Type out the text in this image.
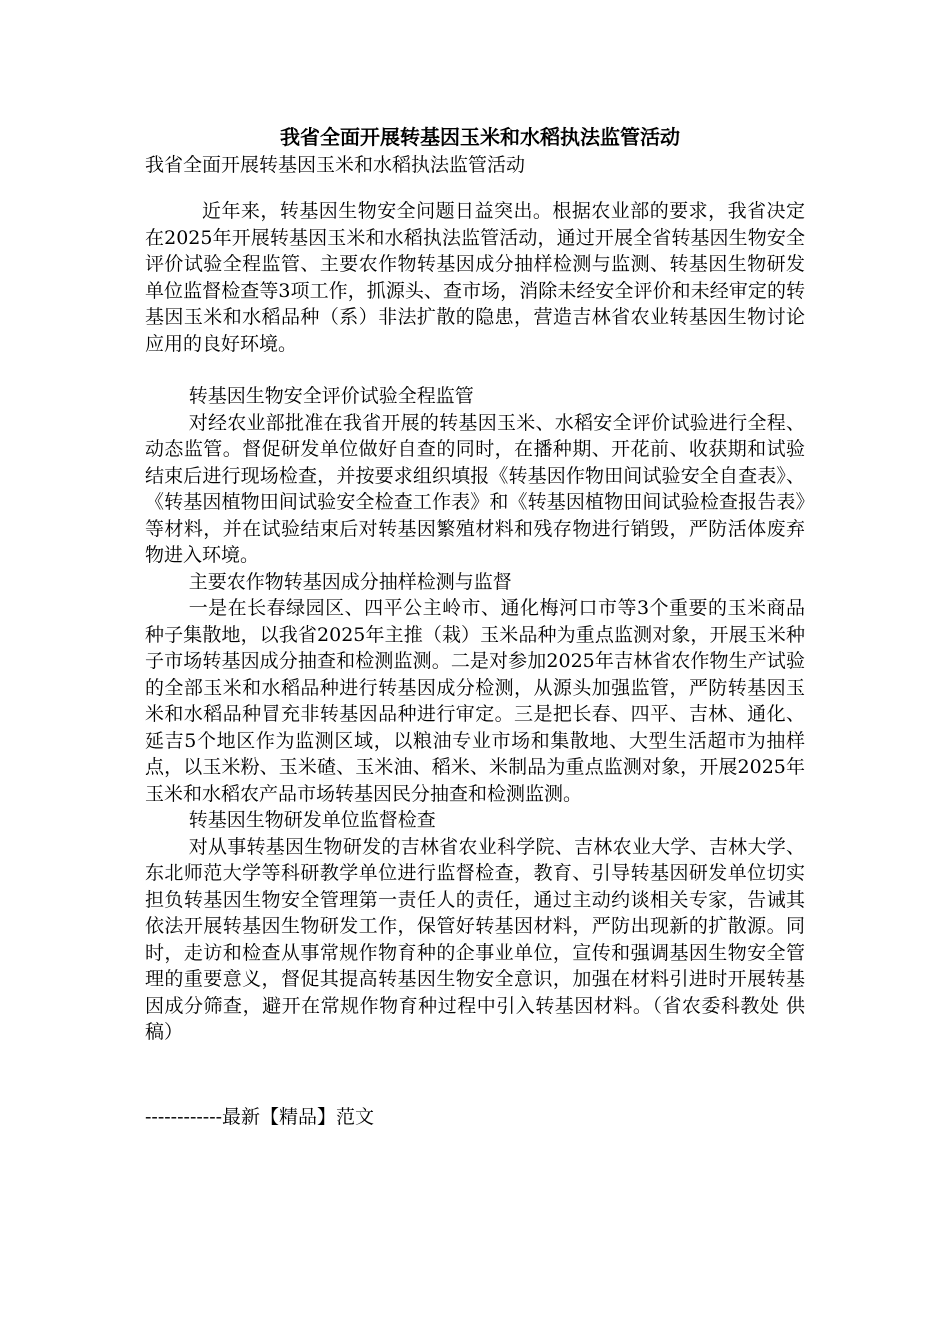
我省全面开展转基因玉米和水稻执法监管活动

我省全面开展转基因玉米和水稻执法监管活动

近年来，转基因生物安全问题日益突出。根据农业部的要求，我省决定在2025年开展转基因玉米和水稻执法监管活动，通过开展全省转基因生物安全评价试验全程监管、主要农作物转基因成分抽样检测与监测、转基因生物研发单位监督检查等3项工作，抓源头、查市场，消除未经安全评价和未经审定的转基因玉米和水稻品种（系）非法扩散的隐患，营造吉林省农业转基因生物讨论应用的良好环境。

转基因生物安全评价试验全程监管

对经农业部批准在我省开展的转基因玉米、水稻安全评价试验进行全程、动态监管。督促研发单位做好自查的同时，在播种期、开花前、收获期和试验结束后进行现场检查，并按要求组织填报《转基因作物田间试验安全自查表》、《转基因植物田间试验安全检查工作表》和《转基因植物田间试验检查报告表》等材料，并在试验结束后对转基因繁殖材料和残存物进行销毁，严防活体废弃物进入环境。

主要农作物转基因成分抽样检测与监督

一是在长春绿园区、四平公主岭市、通化梅河口市等3个重要的玉米商品种子集散地，以我省2025年主推（栽）玉米品种为重点监测对象，开展玉米种子市场转基因成分抽查和检测监测。二是对参加2025年吉林省农作物生产试验的全部玉米和水稻品种进行转基因成分检测，从源头加强监管，严防转基因玉米和水稻品种冒充非转基因品种进行审定。三是把长春、四平、吉林、通化、延吉5个地区作为监测区域，以粮油专业市场和集散地、大型生活超市为抽样点，以玉米粉、玉米碴、玉米油、稻米、米制品为重点监测对象，开展2025年玉米和水稻农产品市场转基因民分抽查和检测监测。

转基因生物研发单位监督检查

对从事转基因生物研发的吉林省农业科学院、吉林农业大学、吉林大学、东北师范大学等科研教学单位进行监督检查，教育、引导转基因研发单位切实担负转基因生物安全管理第一责任人的责任，通过主动约谈相关专家，告诫其依法开展转基因生物研发工作，保管好转基因材料，严防出现新的扩散源。同时，走访和检查从事常规作物育种的企事业单位，宣传和强调基因生物安全管理的重要意义，督促其提高转基因生物安全意识，加强在材料引进时开展转基因成分筛查，避开在常规作物育种过程中引入转基因材料。（省农委科教处 供稿）

------------最新【精品】范文
